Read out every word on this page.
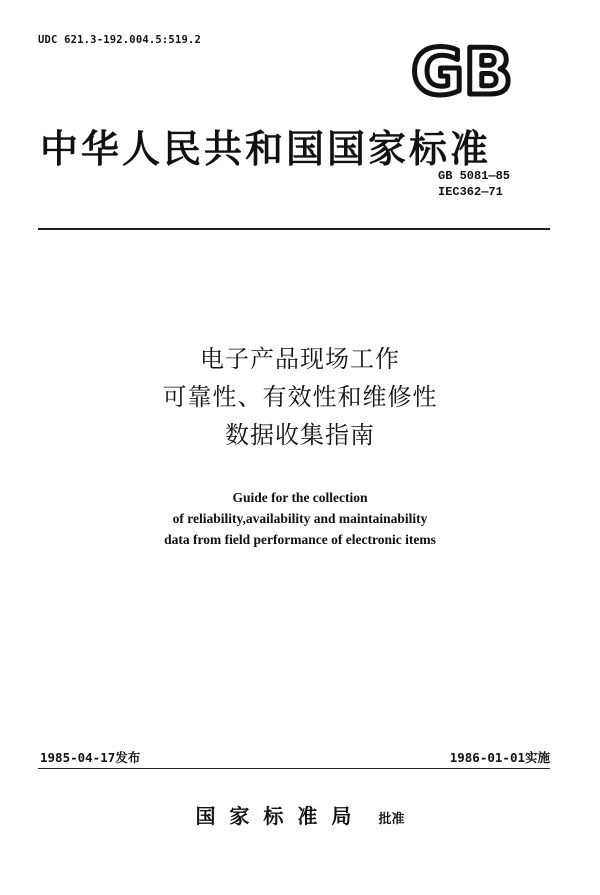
UDC 621.3-192.004.5:519.2	GB
中华人民共和国国家标准
GB 5081—85
IEC362—71
电子产品现场工作
可靠性、有效性和维修性
数据收集指南
Guide for the collection
of reliability,availability and maintainability
data from field performance of electronic items
1985-04-17发布	1986-01-01实施
国家标准局 批准
